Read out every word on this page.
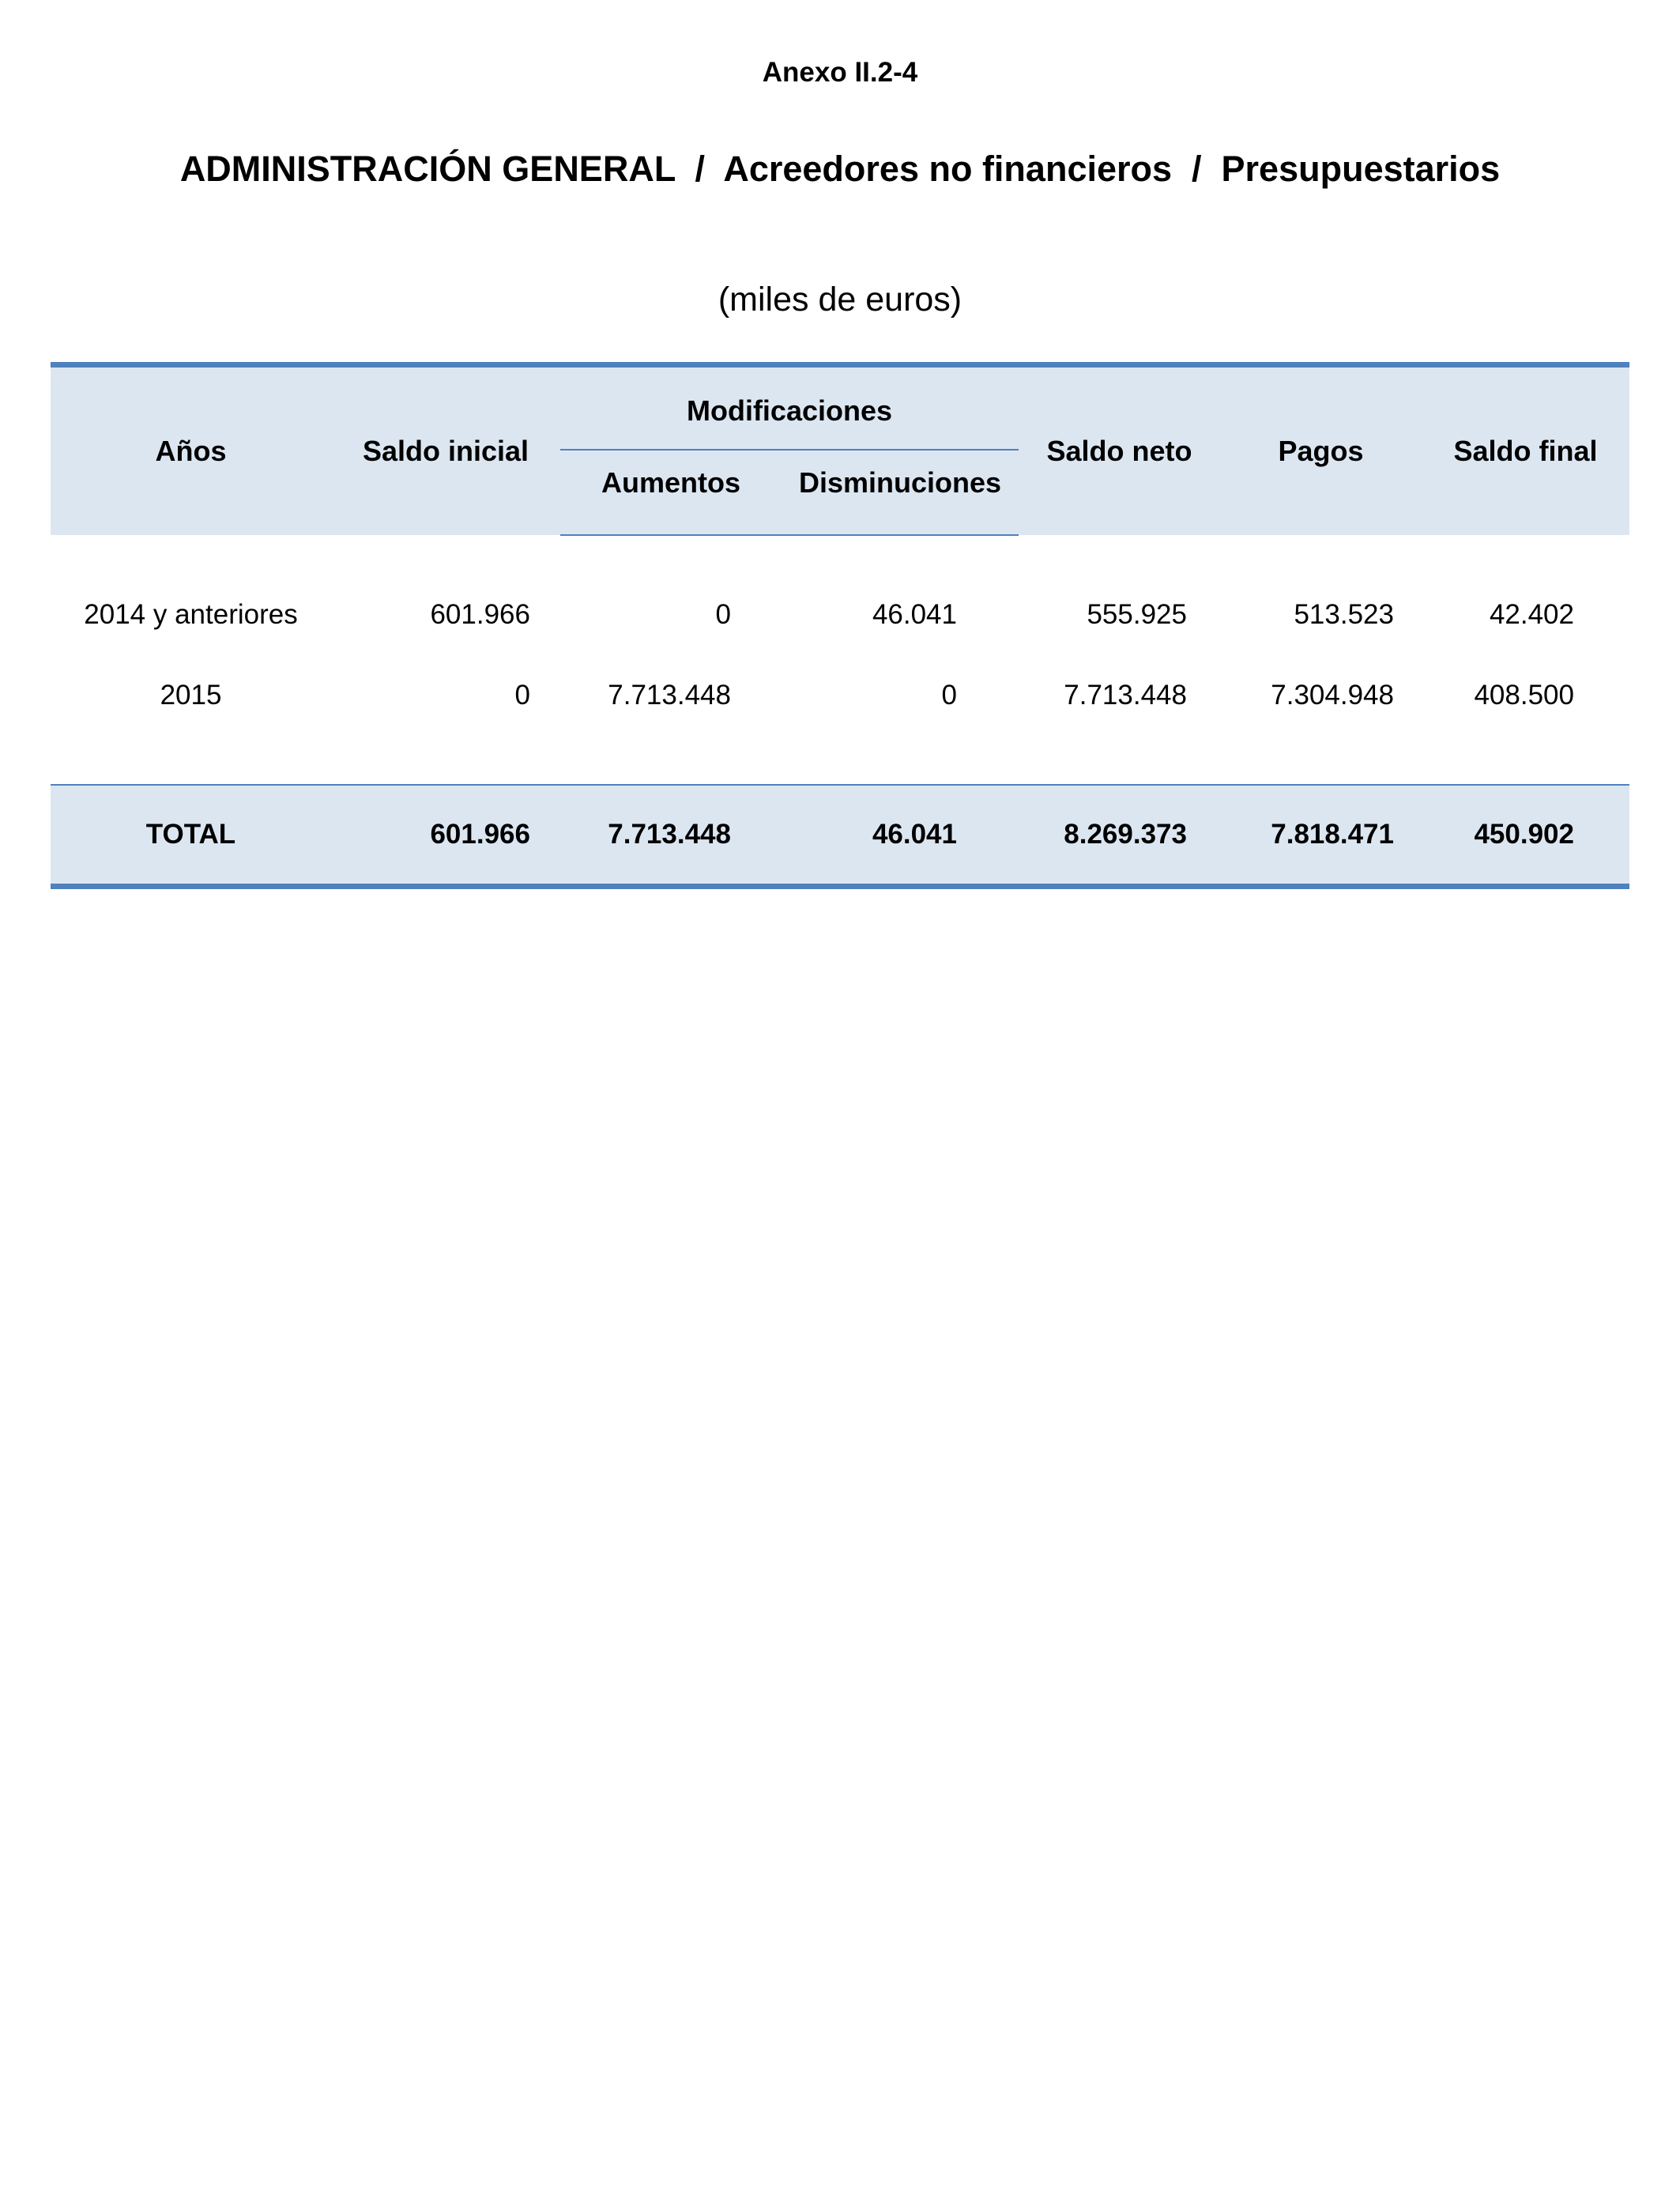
Anexo II.2-4
ADMINISTRACIÓN GENERAL  /  Acreedores no financieros  /  Presupuestarios
(miles de euros)
Años	Saldo inicial	Modificaciones		Saldo neto	Pagos	Saldo final
		Aumentos	Disminuciones			

2014 y anteriores	601.966	0	46.041	555.925	513.523	42.402
2015	0	7.713.448	0	7.713.448	7.304.948	408.500

TOTAL	601.966	7.713.448	46.041	8.269.373	7.818.471	450.902
